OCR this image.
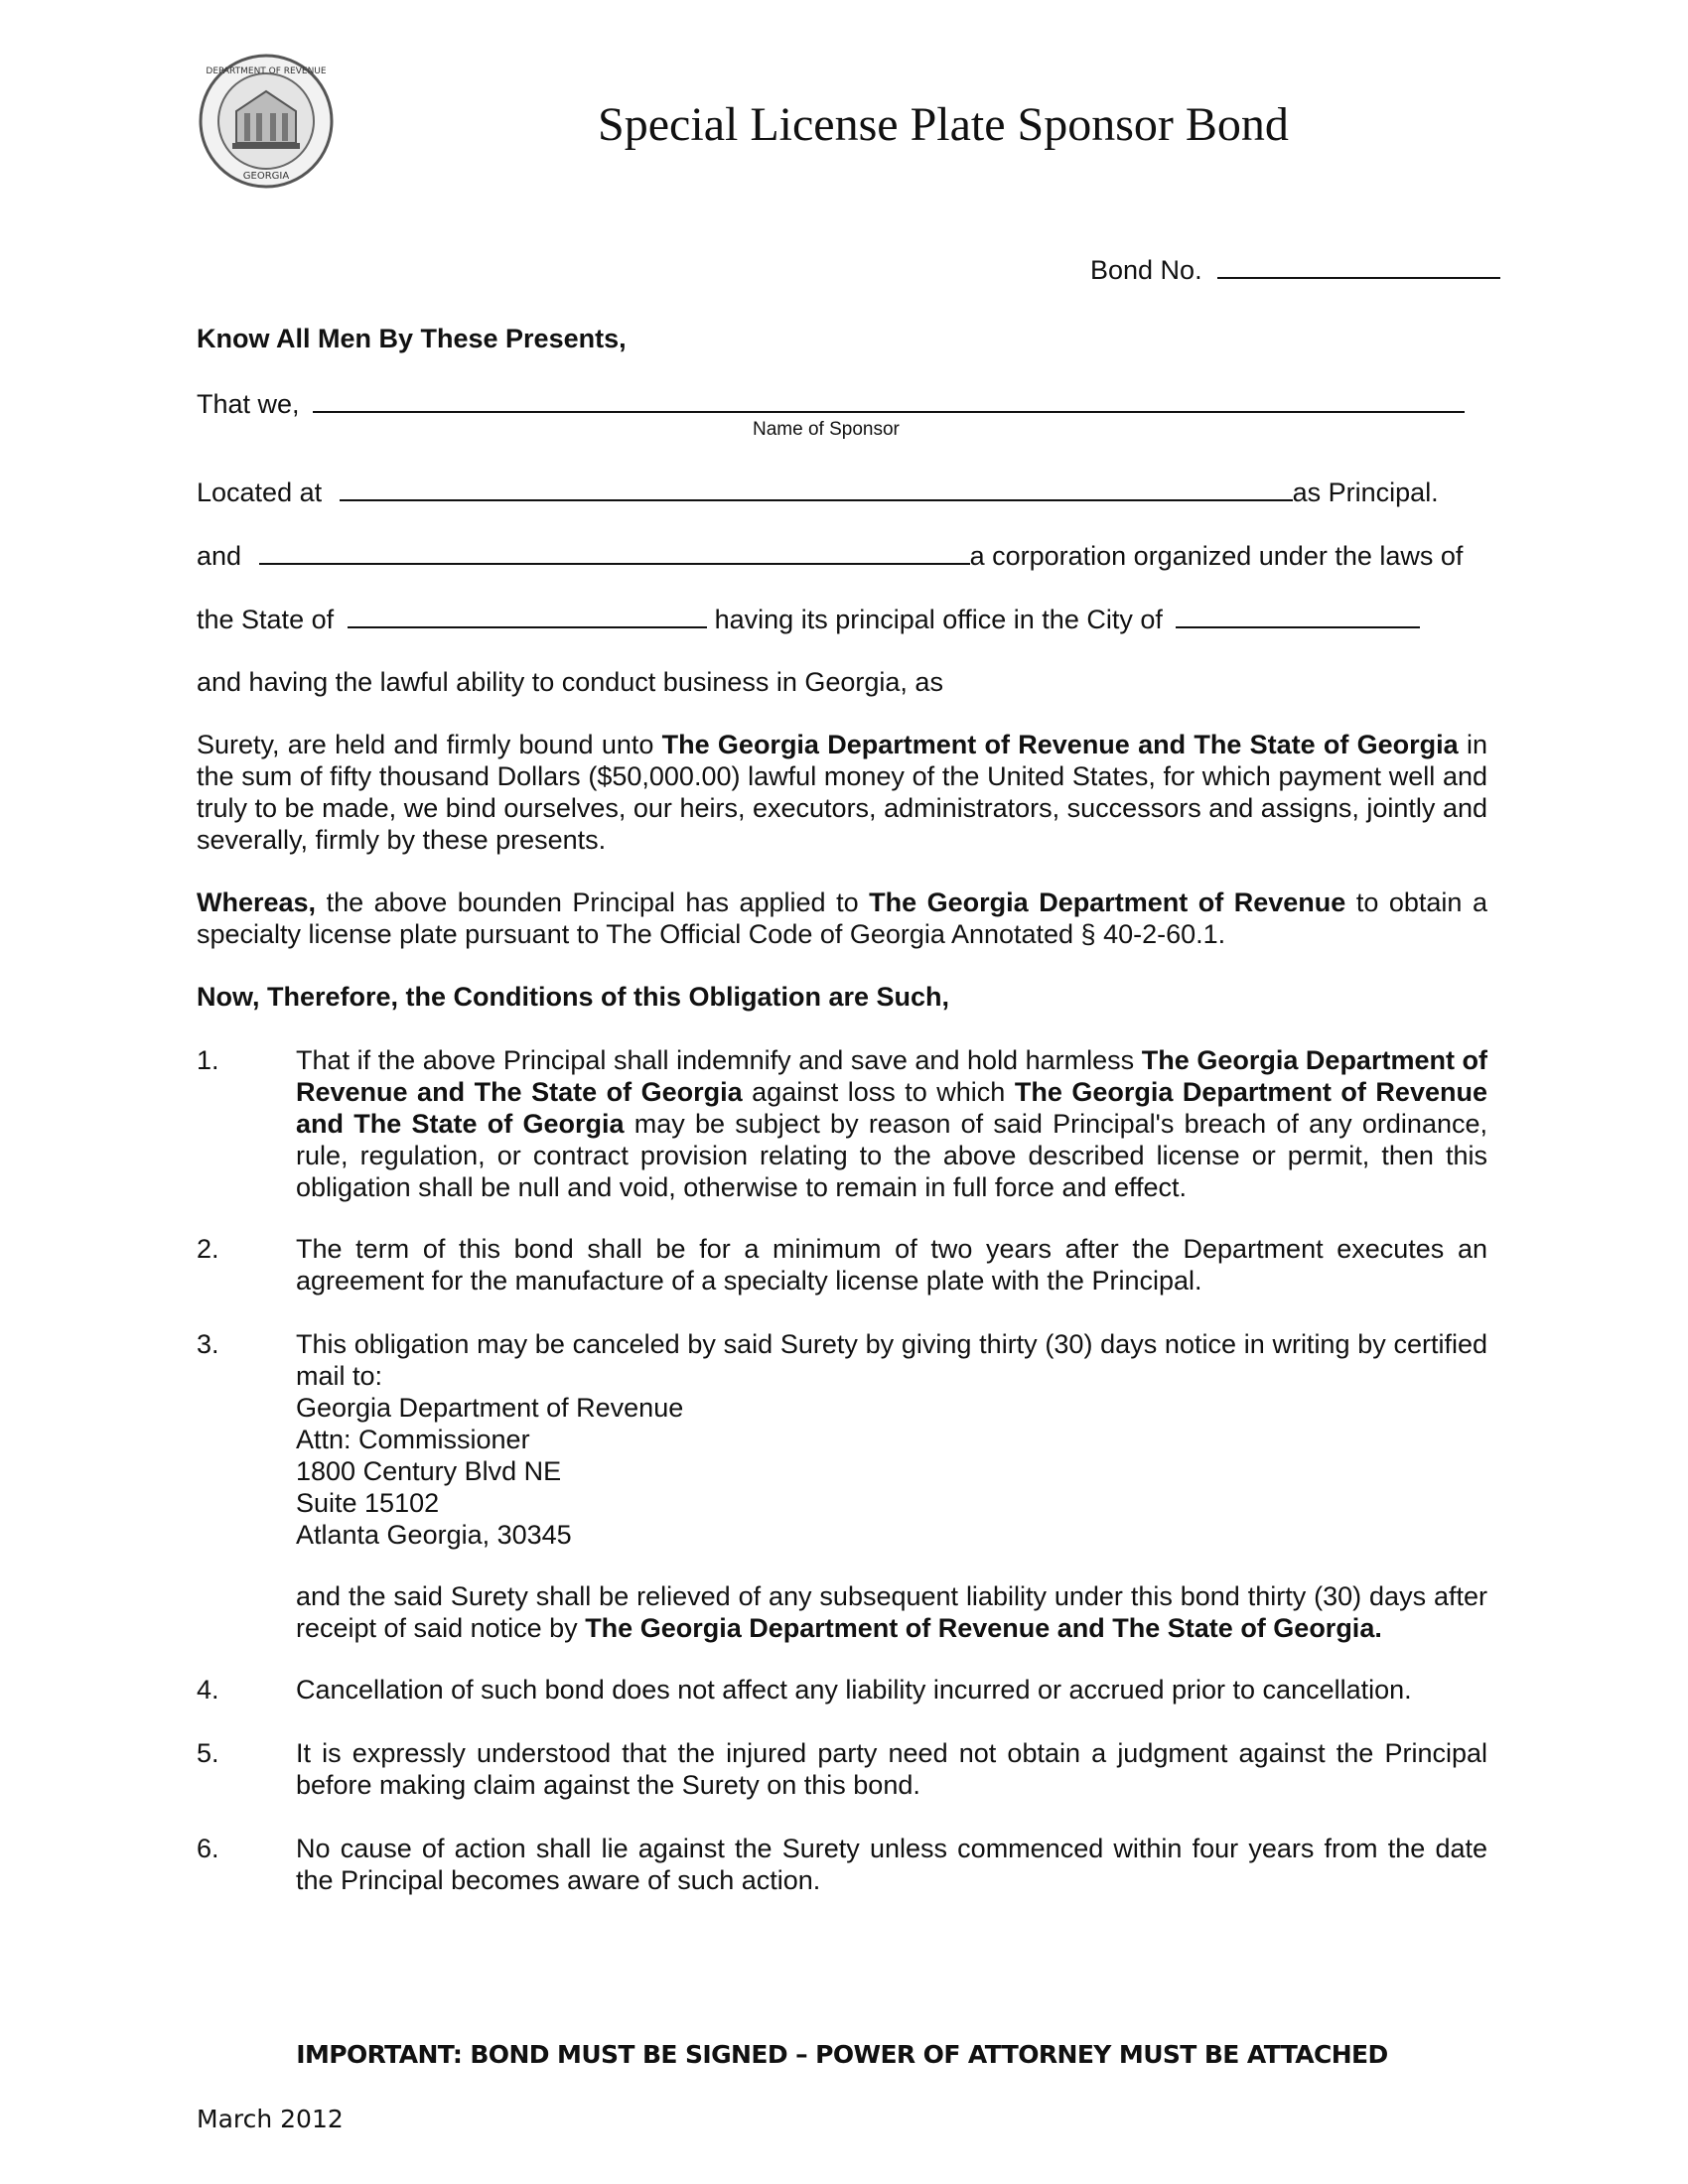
DEPARTMENT OF REVENUE
GEORGIA
Special License Plate Sponsor Bond
Bond No.
Know All Men By These Presents,
That we,
Name of Sponsor
Located at	as Principal.
and	a corporation organized under the laws of
the State of	having its principal office in the City of
and having the lawful ability to conduct business in Georgia, as
Surety, are held and firmly bound unto The Georgia Department of Revenue and The State of Georgia in the sum of fifty thousand Dollars ($50,000.00) lawful money of the United States, for which payment well and truly to be made, we bind ourselves, our heirs, executors, administrators, successors and assigns, jointly and severally, firmly by these presents.
Whereas, the above bounden Principal has applied to The Georgia Department of Revenue to obtain a specialty license plate pursuant to The Official Code of Georgia Annotated § 40-2-60.1.
Now, Therefore, the Conditions of this Obligation are Such,
1.	That if the above Principal shall indemnify and save and hold harmless The Georgia Department of Revenue and The State of Georgia against loss to which The Georgia Department of Revenue and The State of Georgia may be subject by reason of said Principal's breach of any ordinance, rule, regulation, or contract provision relating to the above described license or permit, then this obligation shall be null and void, otherwise to remain in full force and effect.
2.	The term of this bond shall be for a minimum of two years after the Department executes an agreement for the manufacture of a specialty license plate with the Principal.
3.	This obligation may be canceled by said Surety by giving thirty (30) days notice in writing by certified mail to:
Georgia Department of Revenue
Attn: Commissioner
1800 Century Blvd NE
Suite 15102
Atlanta Georgia, 30345
and the said Surety shall be relieved of any subsequent liability under this bond thirty (30) days after receipt of said notice by The Georgia Department of Revenue and The State of Georgia.
4.	Cancellation of such bond does not affect any liability incurred or accrued prior to cancellation.
5.	It is expressly understood that the injured party need not obtain a judgment against the Principal before making claim against the Surety on this bond.
6.	No cause of action shall lie against the Surety unless commenced within four years from the date the Principal becomes aware of such action.
IMPORTANT: BOND MUST BE SIGNED – POWER OF ATTORNEY MUST BE ATTACHED
March 2012
